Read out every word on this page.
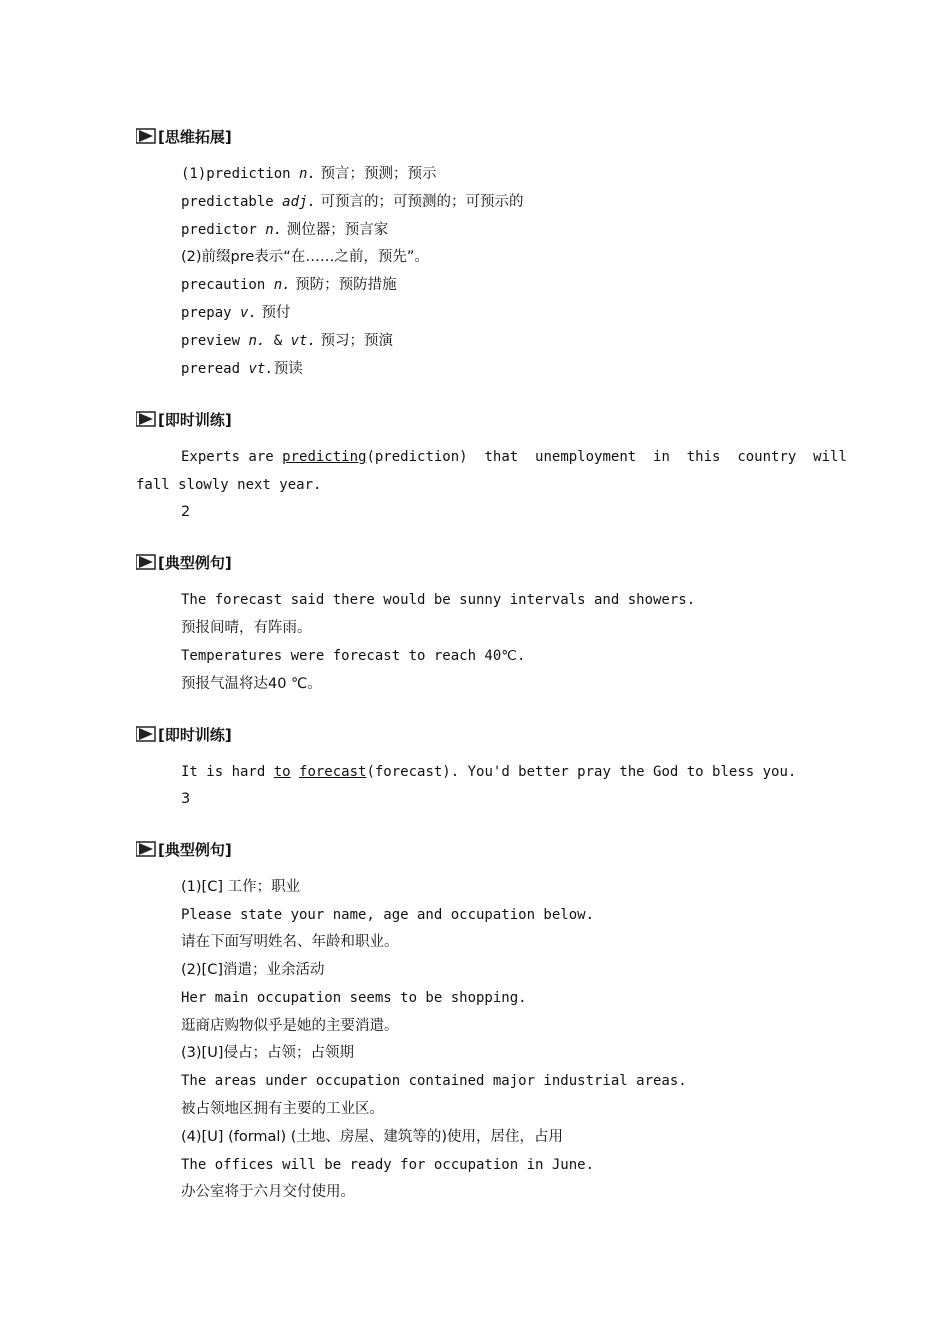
[思维拓展]
(1)prediction n. 预言；预测；预示
predictable adj. 可预言的；可预测的；可预示的
predictor n. 测位器；预言家
(2)前缀pre表示“在……之前，预先”。
precaution n. 预防；预防措施
prepay v. 预付
preview n. & vt. 预习；预演
preread vt.预读
[即时训练]
Experts are predicting(prediction)  that  unemployment  in  this  country  will
fall slowly next year.
2
[典型例句]
The forecast said there would be sunny intervals and showers.
预报间晴，有阵雨。
Temperatures were forecast to reach 40℃.
预报气温将达40 ℃。
[即时训练]
It is hard to forecast(forecast). You'd better pray the God to bless you.
3
[典型例句]
(1)[C] 工作；职业
Please state your name, age and occupation below.
请在下面写明姓名、年龄和职业。
(2)[C]消遣；业余活动
Her main occupation seems to be shopping.
逛商店购物似乎是她的主要消遣。
(3)[U]侵占；占领；占领期
The areas under occupation contained major industrial areas.
被占领地区拥有主要的工业区。
(4)[U] (formal) (土地、房屋、建筑等的)使用，居住，占用
The offices will be ready for occupation in June.
办公室将于六月交付使用。
